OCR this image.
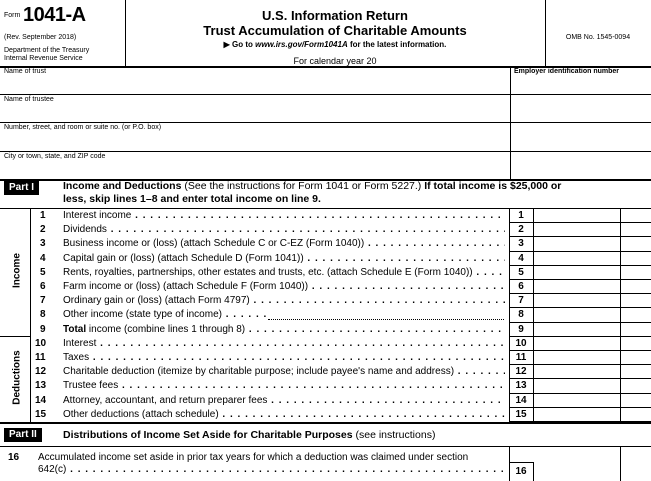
Form 1041-A
(Rev. September 2018)
Department of the Treasury
Internal Revenue Service
U.S. Information Return
Trust Accumulation of Charitable Amounts
▶ Go to www.irs.gov/Form1041A for the latest information.
For calendar year 20
OMB No. 1545-0094
Name of trust	Employer identification number
Name of trustee
Number, street, and room or suite no. (or P.O. box)
City or town, state, and ZIP code
Part I	Income and Deductions (See the instructions for Form 1041 or Form 5227.) If total income is $25,000 or
less, skip lines 1–8 and enter total income on line 9.
Income
Deductions
1 Interest income . . .	1
2 Dividends . . .	2
3 Business income or (loss) (attach Schedule C or C-EZ (Form 1040)) . . .	3
4 Capital gain or (loss) (attach Schedule D (Form 1041)) . . .	4
5 Rents, royalties, partnerships, other estates and trusts, etc. (attach Schedule E (Form 1040)) . . .	5
6 Farm income or (loss) (attach Schedule F (Form 1040)) . . .	6
7 Ordinary gain or (loss) (attach Form 4797) . . .	7
8 Other income (state type of income) . . .	8
9 Total income (combine lines 1 through 8) . . .	9
10 Interest . . .	10
11 Taxes . . .	11
12 Charitable deduction (itemize by charitable purpose; include payee's name and address) . . .	12
13 Trustee fees . . .	13
14 Attorney, accountant, and return preparer fees . . .	14
15 Other deductions (attach schedule) . . .	15
Part II	Distributions of Income Set Aside for Charitable Purposes (see instructions)
16 Accumulated income set aside in prior tax years for which a deduction was claimed under section
642(c) . . .	16
